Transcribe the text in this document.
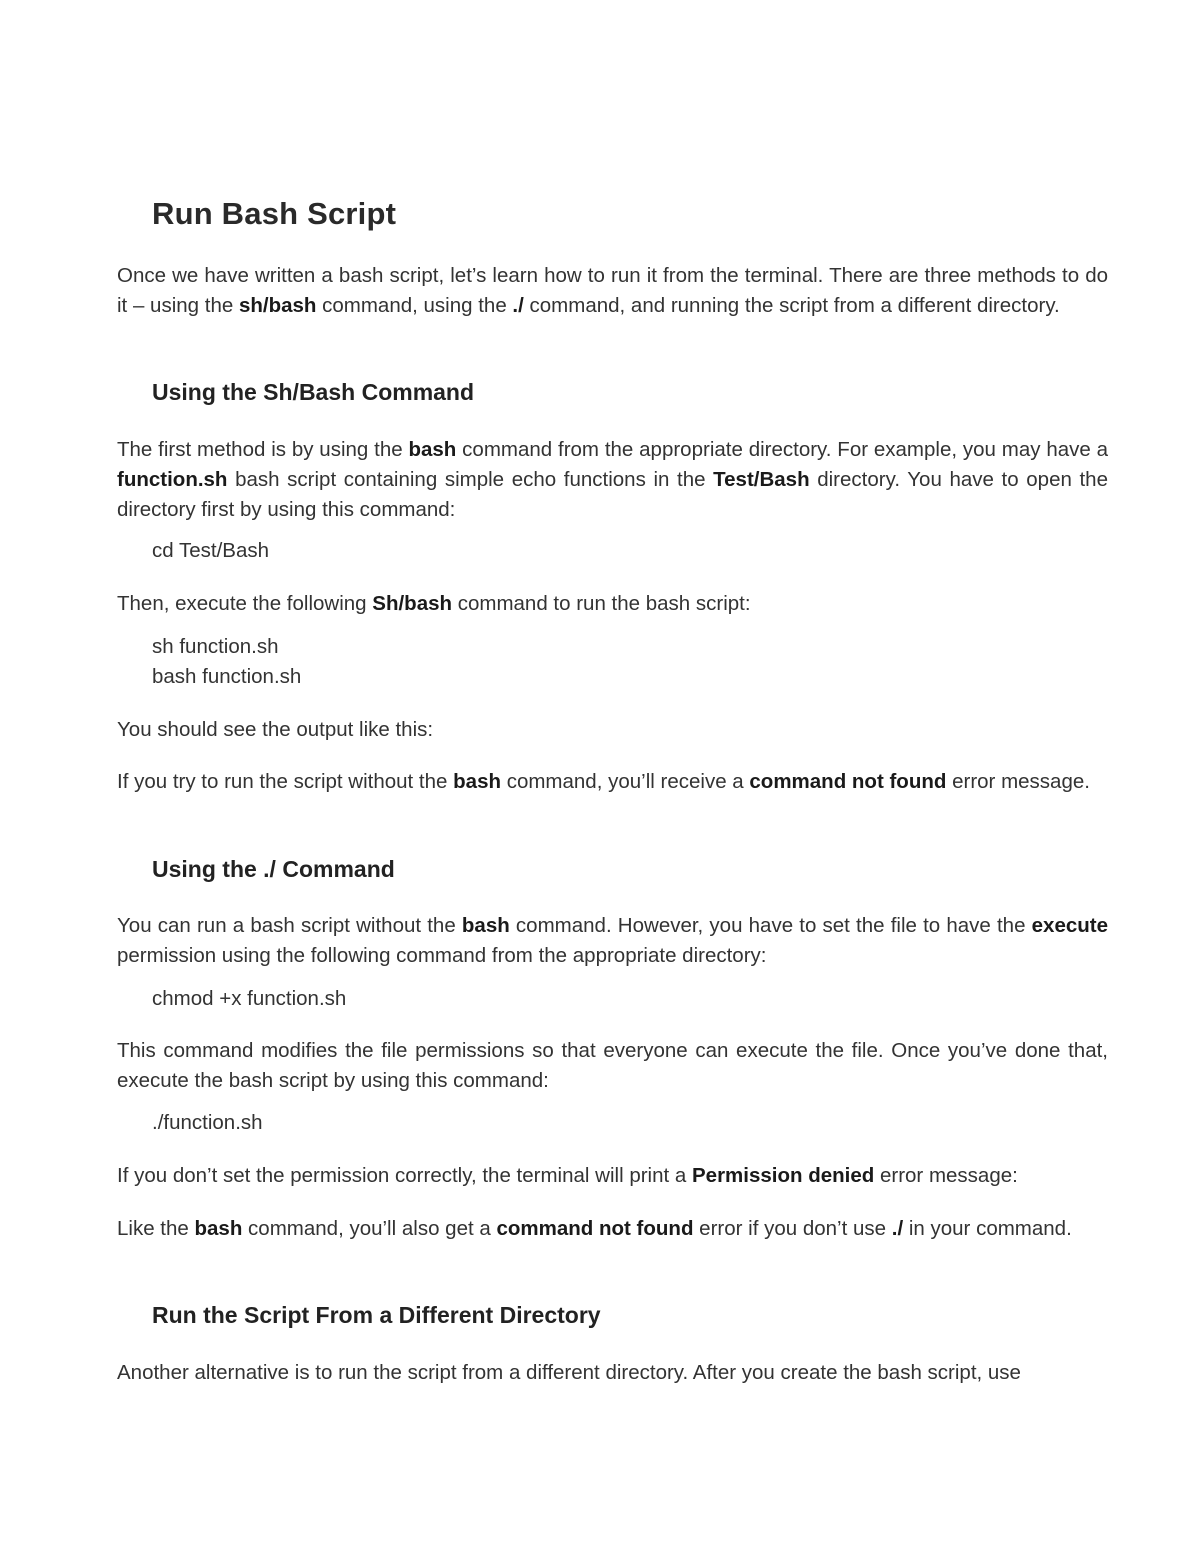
Run Bash Script

Once we have written a bash script, let’s learn how to run it from the terminal. There are three methods to do it – using the sh/bash command, using the ./ command, and running the script from a different directory.

Using the Sh/Bash Command

The first method is by using the bash command from the appropriate directory. For example, you may have a function.sh bash script containing simple echo functions in the Test/Bash directory. You have to open the directory first by using this command:

cd Test/Bash

Then, execute the following Sh/bash command to run the bash script:

sh function.sh
bash function.sh

You should see the output like this:

If you try to run the script without the bash command, you’ll receive a command not found error message.

Using the ./ Command

You can run a bash script without the bash command. However, you have to set the file to have the execute permission using the following command from the appropriate directory:

chmod +x function.sh

This command modifies the file permissions so that everyone can execute the file. Once you’ve done that, execute the bash script by using this command:

./function.sh

If you don’t set the permission correctly, the terminal will print a Permission denied error message:

Like the bash command, you’ll also get a command not found error if you don’t use ./ in your command.

Run the Script From a Different Directory

Another alternative is to run the script from a different directory. After you create the bash script, use
